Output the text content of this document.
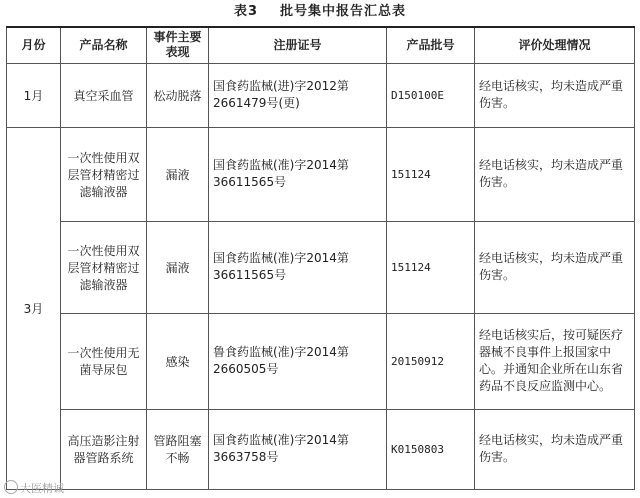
表3 批号集中报告汇总表
月份	产品名称	事件主要表现	注册证号	产品批号	评价处理情况
1月	真空采血管	松动脱落	国食药监械(进)字2012第2661479号(更)	D150100E	经电话核实，均未造成严重伤害。
3月	一次性使用双层管材精密过滤输液器	漏液	国食药监械(准)字2014第36611565号	151124	经电话核实，均未造成严重伤害。
	一次性使用双层管材精密过滤输液器	漏液	国食药监械(准)字2014第36611565号	151124	经电话核实，均未造成严重伤害。
	一次性使用无菌导尿包	感染	鲁食药监械(准)字2014第2660505号	20150912	经电话核实后，按可疑医疗器械不良事件上报国家中心。并通知企业所在山东省药品不良反应监测中心。
	高压造影注射器管路系统	管路阻塞不畅	国食药监械(准)字2014第3663758号	K0150803	经电话核实，均未造成严重伤害。
大医精诚
